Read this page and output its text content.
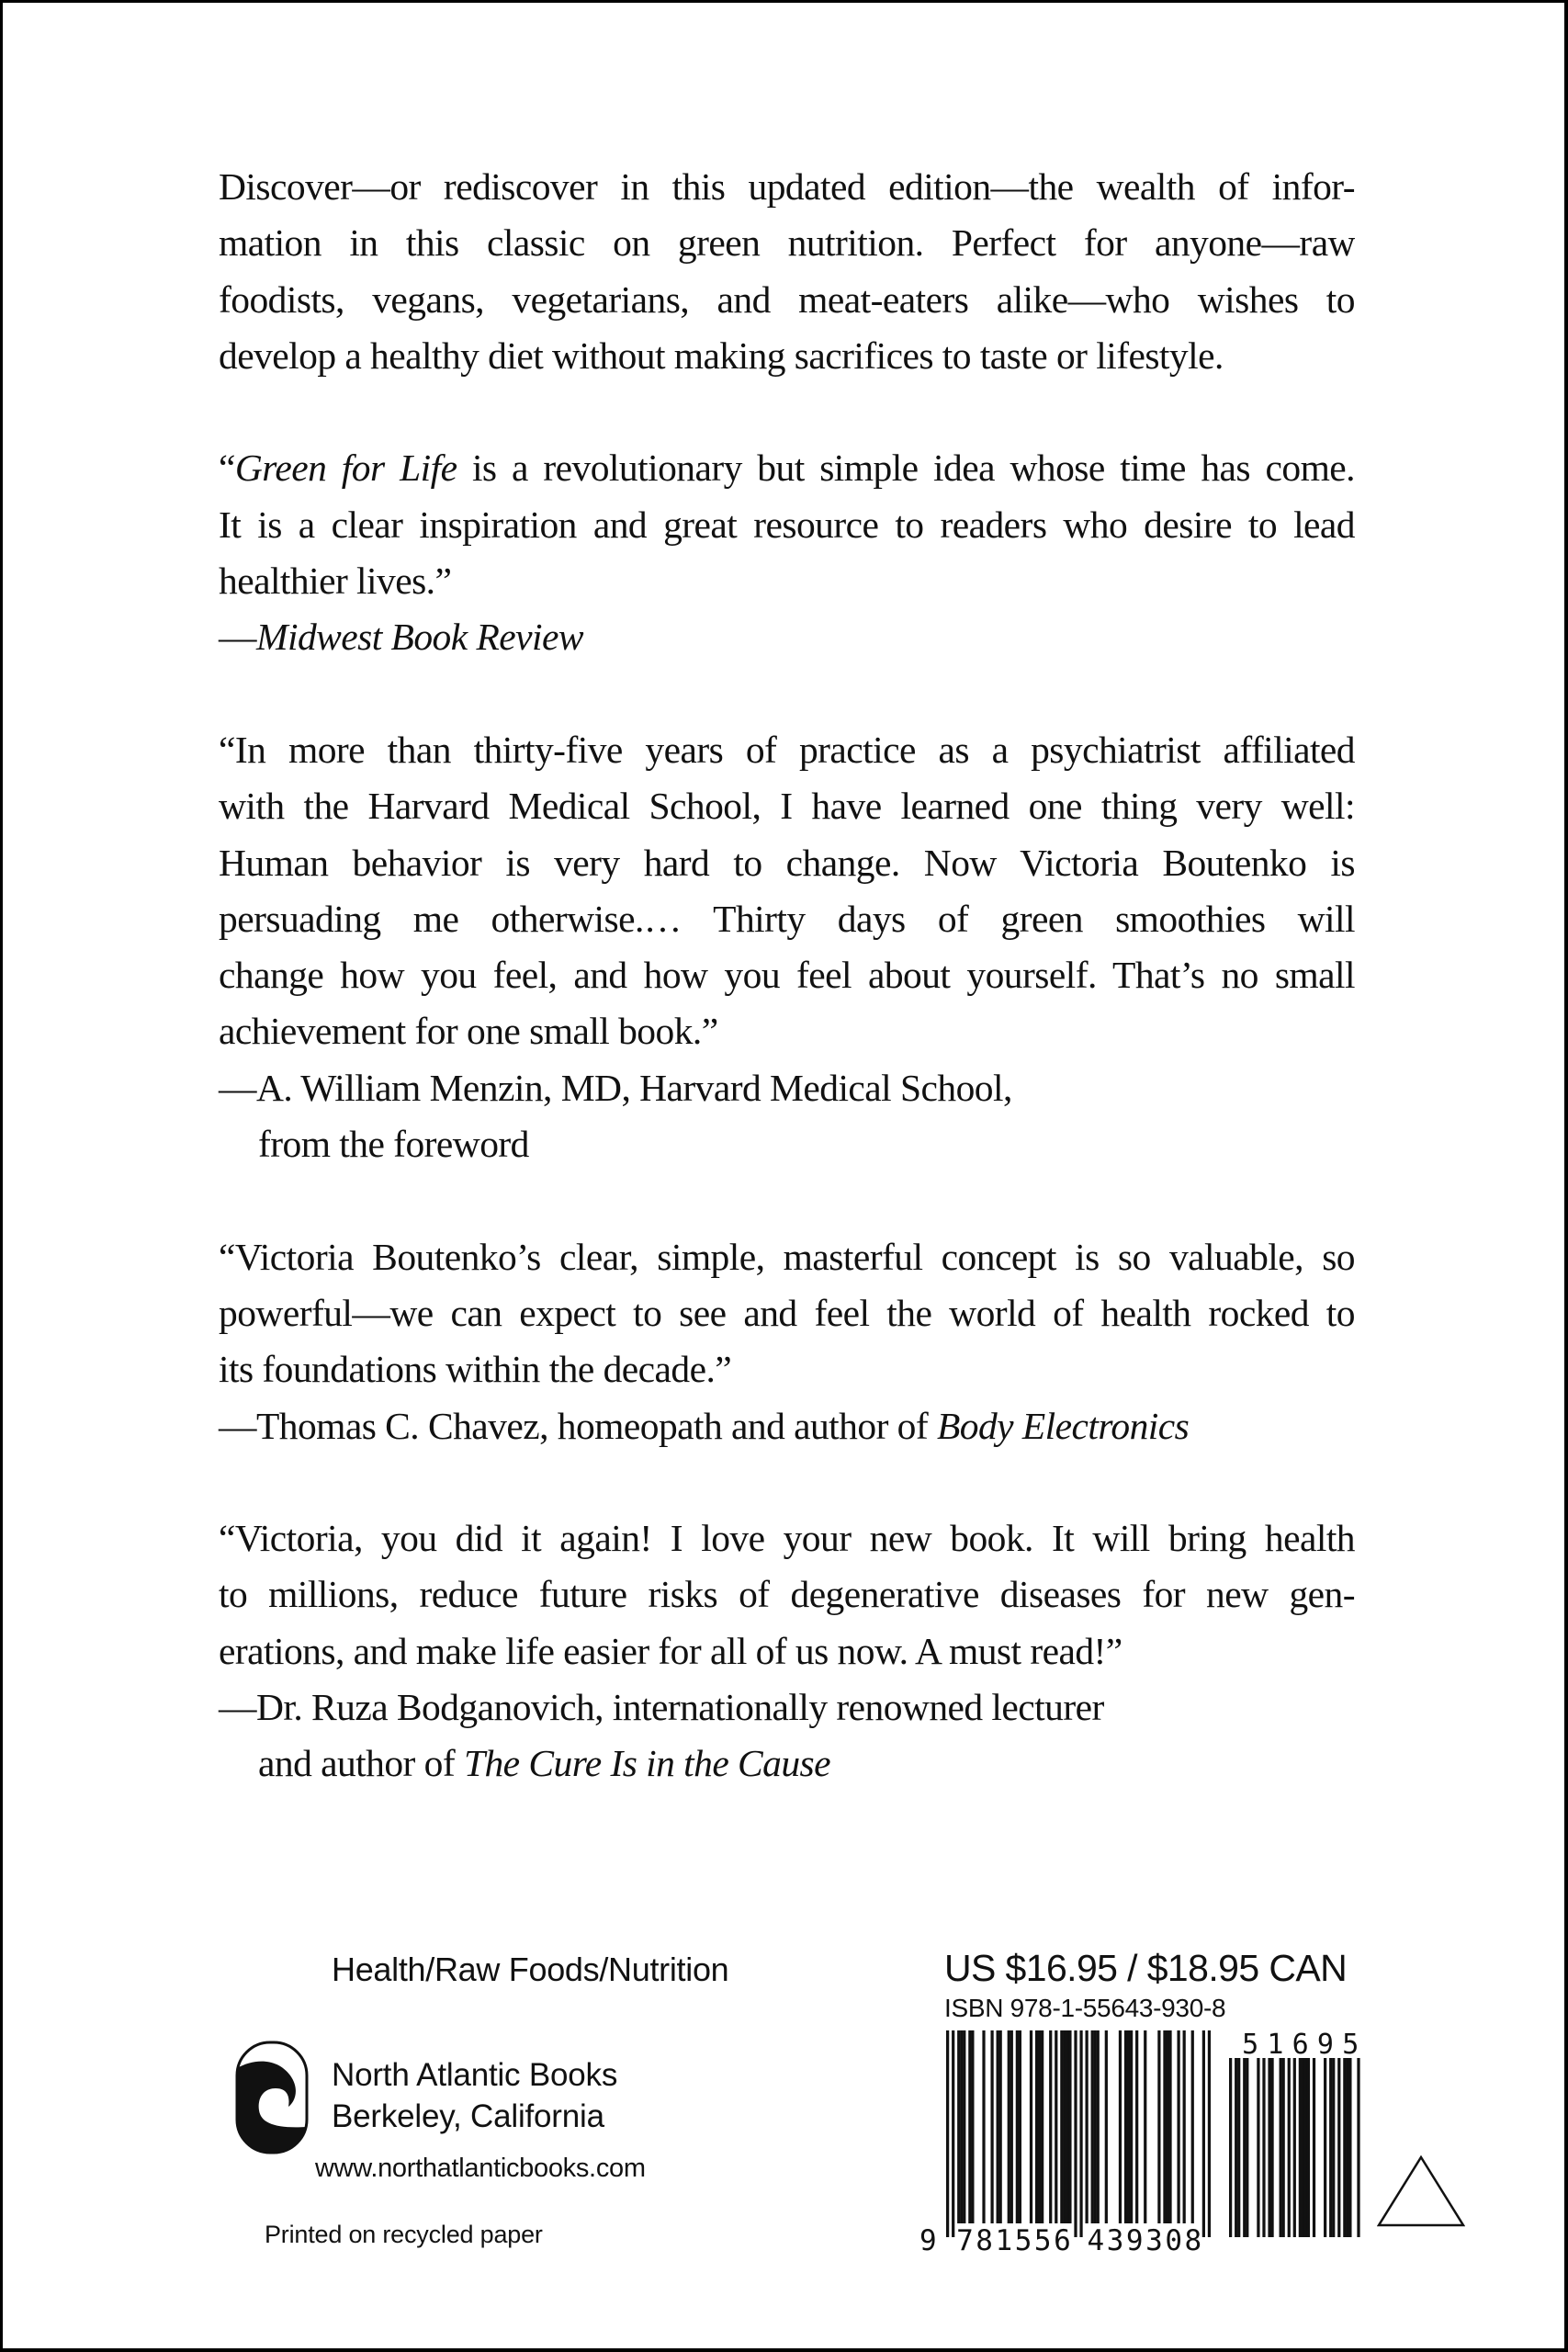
Discover—or rediscover in this updated edition—the wealth of infor-
mation in this classic on green nutrition. Perfect for anyone—raw
foodists, vegans, vegetarians, and meat-eaters alike—who wishes to
develop a healthy diet without making sacrifices to taste or lifestyle.
“Green for Life is a revolutionary but simple idea whose time has come.
It is a clear inspiration and great resource to readers who desire to lead
healthier lives.”
—Midwest Book Review
“In more than thirty-five years of practice as a psychiatrist affiliated
with the Harvard Medical School, I have learned one thing very well:
Human behavior is very hard to change. Now Victoria Boutenko is
persuading me otherwise.… Thirty days of green smoothies will
change how you feel, and how you feel about yourself. That’s no small
achievement for one small book.”
—A. William Menzin, MD, Harvard Medical School,
from the foreword
“Victoria Boutenko’s clear, simple, masterful concept is so valuable, so
powerful—we can expect to see and feel the world of health rocked to
its foundations within the decade.”
—Thomas C. Chavez, homeopath and author of Body Electronics
“Victoria, you did it again! I love your new book. It will bring health
to millions, reduce future risks of degenerative diseases for new gen-
erations, and make life easier for all of us now. A must read!”
—Dr. Ruza Bodganovich, internationally renowned lecturer
and author of The Cure Is in the Cause
Health/Raw Foods/Nutrition
North Atlantic Books
Berkeley, California
www.northatlanticbooks.com
Printed on recycled paper
US $16.95 / $18.95 CAN
ISBN 978-1-55643-930-8
9 7 8 1 5 5 6 4 3 9 3 0 8
5 1 6 9 5
